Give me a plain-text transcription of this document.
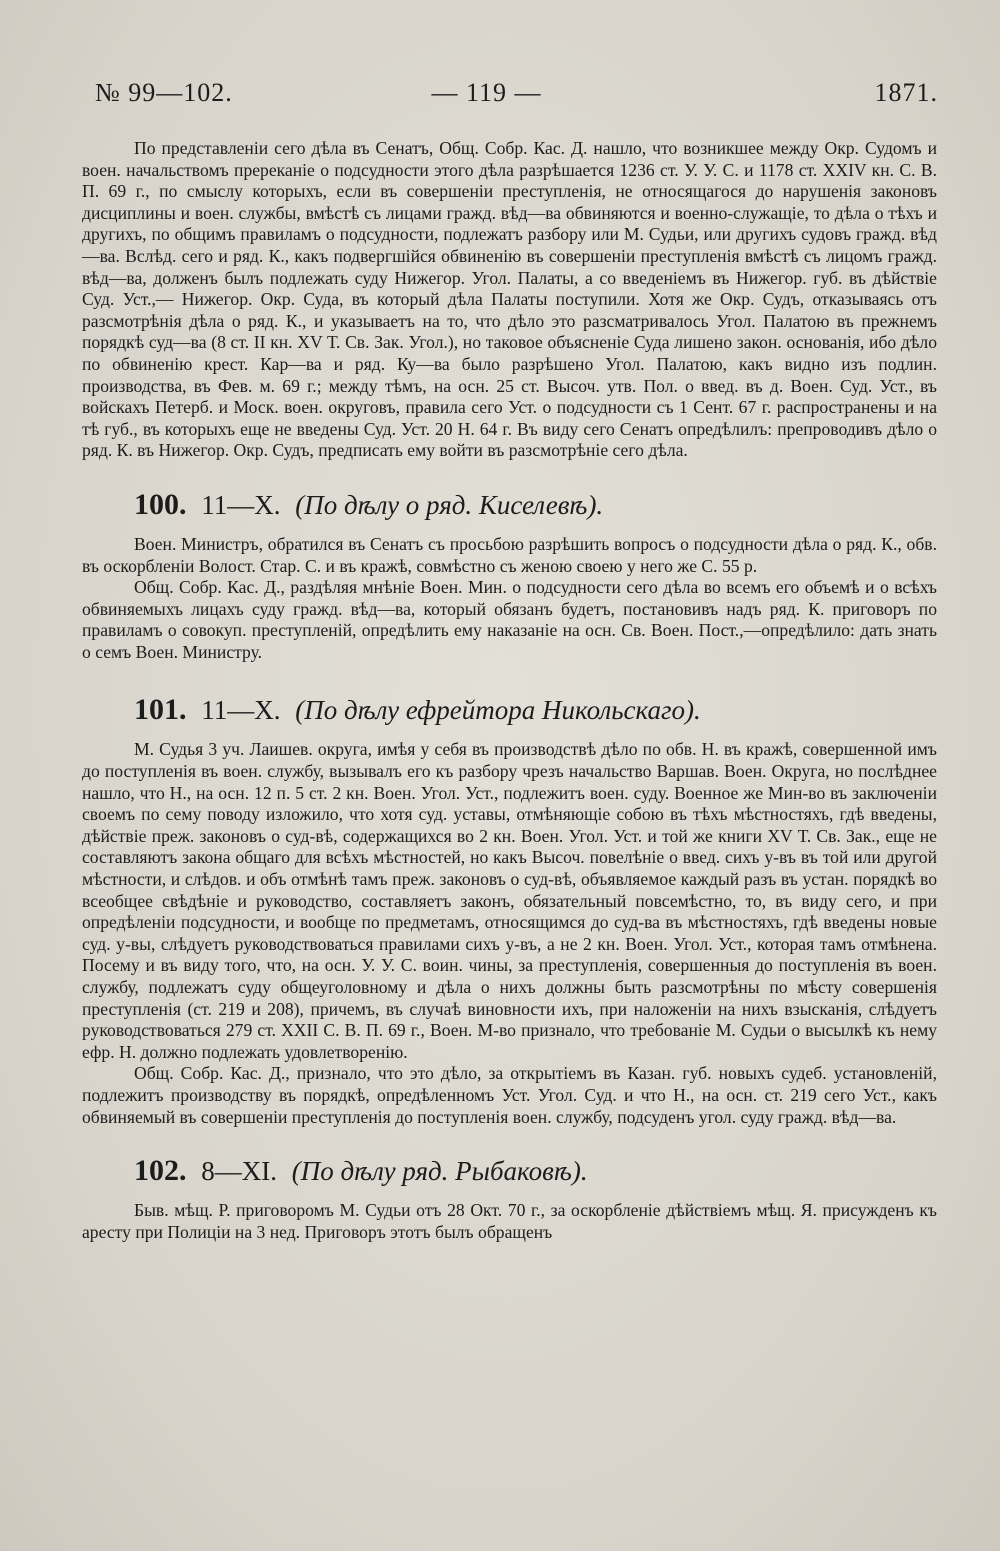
№ 99—102.	— 119 —	1871.

По представленіи сего дѣла въ Сенатъ, Общ. Собр. Кас. Д. нашло, что возникшее между Окр. Судомъ и воен. начальствомъ пререканіе о подсудности этого дѣла разрѣшается 1236 ст. У. У. С. и 1178 ст. XXIV кн. С. В. П. 69 г., по смыслу которыхъ, если въ совершеніи преступленія, не относящагося до нарушенія законовъ дисциплины и воен. службы, вмѣстѣ съ лицами гражд. вѣд—ва обвиняются и военно-служащіе, то дѣла о тѣхъ и другихъ, по общимъ правиламъ о подсудности, подлежатъ разбору или М. Судьи, или другихъ судовъ гражд. вѣд—ва. Вслѣд. сего и ряд. К., какъ подвергшійся обвиненію въ совершеніи преступленія вмѣстѣ съ лицомъ гражд. вѣд—ва, долженъ былъ подлежать суду Нижегор. Угол. Палаты, а со введеніемъ въ Нижегор. губ. въ дѣйствіе Суд. Уст.,— Нижегор. Окр. Суда, въ который дѣла Палаты поступили. Хотя же Окр. Судъ, отказываясь отъ разсмотрѣнія дѣла о ряд. К., и указываетъ на то, что дѣло это разсматривалось Угол. Палатою въ прежнемъ порядкѣ суд—ва (8 ст. II кн. XV Т. Св. Зак. Угол.), но таковое объясненіе Суда лишено закон. основанія, ибо дѣло по обвиненію крест. Кар—ва и ряд. Ку—ва было разрѣшено Угол. Палатою, какъ видно изъ подлин. производства, въ Фев. м. 69 г.; между тѣмъ, на осн. 25 ст. Высоч. утв. Пол. о введ. въ д. Воен. Суд. Уст., въ войскахъ Петерб. и Моск. воен. округовъ, правила сего Уст. о подсудности съ 1 Сент. 67 г. распространены и на тѣ губ., въ которыхъ еще не введены Суд. Уст. 20 Н. 64 г. Въ виду сего Сенатъ опредѣлилъ: препроводивъ дѣло о ряд. К. въ Нижегор. Окр. Судъ, предписать ему войти въ разсмотрѣніе сего дѣла.

100. 11—X. (По дѣлу о ряд. Киселевѣ).

Воен. Министръ, обратился въ Сенатъ съ просьбою разрѣшить вопросъ о подсудности дѣла о ряд. К., обв. въ оскорбленіи Волост. Стар. С. и въ кражѣ, совмѣстно съ женою своею у него же С. 55 р.

Общ. Собр. Кас. Д., раздѣляя мнѣніе Воен. Мин. о подсудности сего дѣла во всемъ его объемѣ и о всѣхъ обвиняемыхъ лицахъ суду гражд. вѣд—ва, который обязанъ будетъ, постановивъ надъ ряд. К. приговоръ по правиламъ о совокуп. преступленій, опредѣлить ему наказаніе на осн. Св. Воен. Пост.,—опредѣлило: дать знать о семъ Воен. Министру.

101. 11—X. (По дѣлу ефрейтора Никольскаго).

М. Судья 3 уч. Лаишев. округа, имѣя у себя въ производствѣ дѣло по обв. Н. въ кражѣ, совершенной имъ до поступленія въ воен. службу, вызывалъ его къ разбору чрезъ начальство Варшав. Воен. Округа, но послѣднее нашло, что Н., на осн. 12 п. 5 ст. 2 кн. Воен. Угол. Уст., подлежитъ воен. суду. Военное же Мин-во въ заключеніи своемъ по сему поводу изложило, что хотя суд. уставы, отмѣняющіе собою въ тѣхъ мѣстностяхъ, гдѣ введены, дѣйствіе преж. законовъ о суд-вѣ, содержащихся во 2 кн. Воен. Угол. Уст. и той же книги XV Т. Св. Зак., еще не составляютъ закона общаго для всѣхъ мѣстностей, но какъ Высоч. повелѣніе о введ. сихъ у-въ въ той или другой мѣстности, и слѣдов. и объ отмѣнѣ тамъ преж. законовъ о суд-вѣ, объявляемое каждый разъ въ устан. порядкѣ во всеобщее свѣдѣніе и руководство, составляетъ законъ, обязательный повсемѣстно, то, въ виду сего, и при опредѣленіи подсудности, и вообще по предметамъ, относящимся до суд-ва въ мѣстностяхъ, гдѣ введены новые суд. у-вы, слѣдуетъ руководствоваться правилами сихъ у-въ, а не 2 кн. Воен. Угол. Уст., которая тамъ отмѣнена. Посему и въ виду того, что, на осн. У. У. С. воин. чины, за преступленія, совершенныя до поступленія въ воен. службу, подлежатъ суду общеуголовному и дѣла о нихъ должны быть разсмотрѣны по мѣсту совершенія преступленія (ст. 219 и 208), причемъ, въ случаѣ виновности ихъ, при наложеніи на нихъ взысканія, слѣдуетъ руководствоваться 279 ст. XXII С. В. П. 69 г., Воен. М-во признало, что требованіе М. Судьи о высылкѣ къ нему ефр. Н. должно подлежать удовлетворенію.

Общ. Собр. Кас. Д., признало, что это дѣло, за открытіемъ въ Казан. губ. новыхъ судеб. установленій, подлежитъ производству въ порядкѣ, опредѣленномъ Уст. Угол. Суд. и что Н., на осн. ст. 219 сего Уст., какъ обвиняемый въ совершеніи преступленія до поступленія воен. службу, подсуденъ угол. суду гражд. вѣд—ва.

102. 8—XI. (По дѣлу ряд. Рыбаковѣ).

Быв. мѣщ. Р. приговоромъ М. Судьи отъ 28 Окт. 70 г., за оскорбленіе дѣйствіемъ мѣщ. Я. присужденъ къ аресту при Полиціи на 3 нед. Приговоръ этотъ былъ обращенъ
